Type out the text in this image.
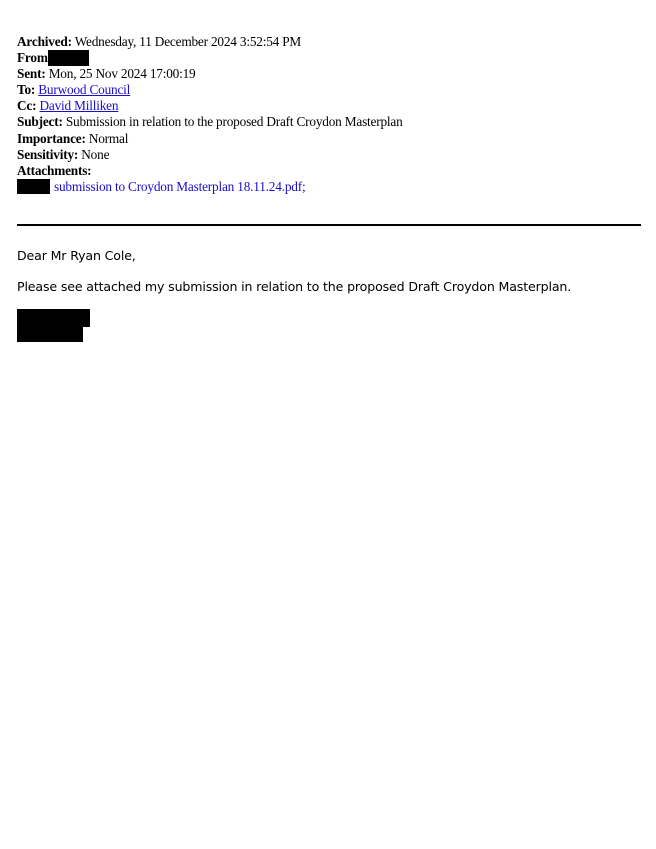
Archived: Wednesday, 11 December 2024 3:52:54 PM
From
Sent: Mon, 25 Nov 2024 17:00:19
To: Burwood Council
Cc: David Milliken
Subject: Submission in relation to the proposed Draft Croydon Masterplan
Importance: Normal
Sensitivity: None
Attachments:
submission to Croydon Masterplan 18.11.24.pdf;
Dear Mr Ryan Cole,
Please see attached my submission in relation to the proposed Draft Croydon Masterplan.
